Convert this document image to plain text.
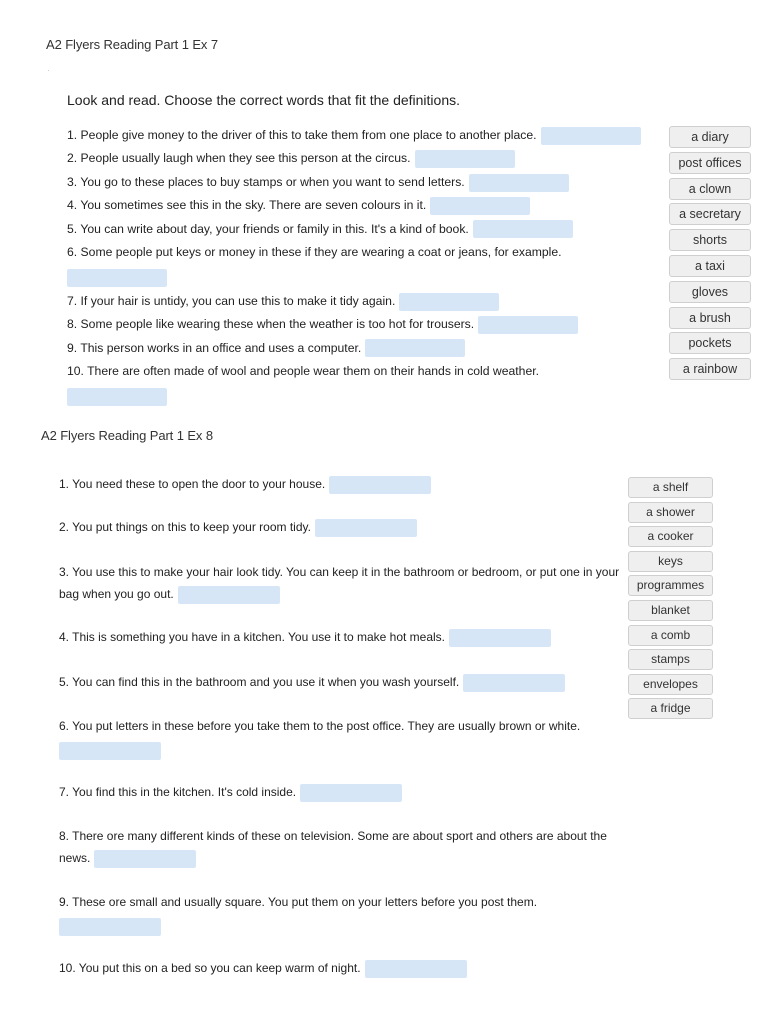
A2 Flyers Reading Part 1 Ex 7
Look and read. Choose the correct words that fit the definitions.
1. People give money to the driver of this to take them from one place to another place.
2. People usually laugh when they see this person at the circus.
3. You go to these places to buy stamps or when you want to send letters.
4. You sometimes see this in the sky. There are seven colours in it.
5. You can write about day, your friends or family in this. It's a kind of book.
6. Some people put keys or money in these if they are wearing a coat or jeans, for example.
7. If your hair is untidy, you can use this to make it tidy again.
8. Some people like wearing these when the weather is too hot for trousers.
9. This person works in an office and uses a computer.
10. There are often made of wool and people wear them on their hands in cold weather.
a diary
post offices
a clown
a secretary
shorts
a taxi
gloves
a brush
pockets
a rainbow
A2 Flyers Reading Part 1 Ex 8
1. You need these to open the door to your house.
2. You put things on this to keep your room tidy.
3. You use this to make your hair look tidy. You can keep it in the bathroom or bedroom, or put one in your bag when you go out.
4. This is something you have in a kitchen. You use it to make hot meals.
5. You can find this in the bathroom and you use it when you wash yourself.
6. You put letters in these before you take them to the post office. They are usually brown or white.
7. You find this in the kitchen. It's cold inside.
8. There ore many different kinds of these on television. Some are about sport and others are about the news.
9. These ore small and usually square. You put them on your letters before you post them.
10. You put this on a bed so you can keep warm of night.
a shelf
a shower
a cooker
keys
programmes
blanket
a comb
stamps
envelopes
a fridge
